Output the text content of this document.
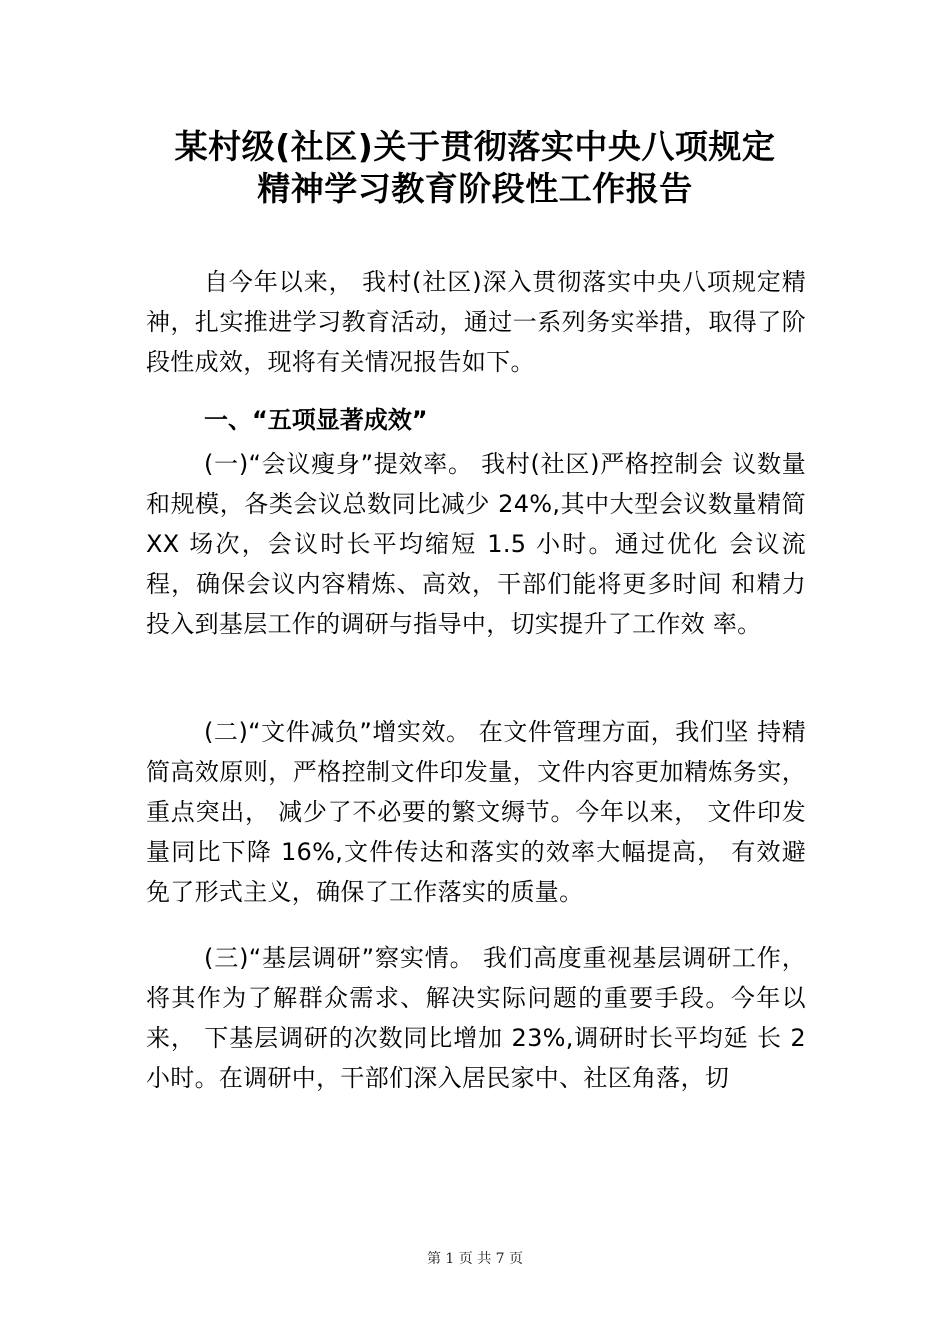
某村级(社区)关于贯彻落实中央八项规定
精神学习教育阶段性工作报告

自今年以来， 我村(社区)深入贯彻落实中央八项规定精神，扎实推进学习教育活动，通过一系列务实举措，取得了阶段性成效，现将有关情况报告如下。

一、“五项显著成效”

(一)“会议瘦身”提效率。 我村(社区)严格控制会 议数量和规模，各类会议总数同比减少 24%,其中大型会议数量精简 XX 场次，会议时长平均缩短 1.5 小时。通过优化 会议流程，确保会议内容精炼、高效，干部们能将更多时间 和精力投入到基层工作的调研与指导中，切实提升了工作效 率。

(二)“文件减负”增实效。 在文件管理方面，我们坚 持精简高效原则，严格控制文件印发量，文件内容更加精炼务实， 重点突出， 减少了不必要的繁文缛节。今年以来， 文件印发量同比下降 16%,文件传达和落实的效率大幅提高， 有效避免了形式主义，确保了工作落实的质量。

(三)“基层调研”察实情。 我们高度重视基层调研工作， 将其作为了解群众需求、解决实际问题的重要手段。今年以来， 下基层调研的次数同比增加 23%,调研时长平均延 长 2 小时。在调研中，干部们深入居民家中、社区角落，切

第 1 页 共 7 页
